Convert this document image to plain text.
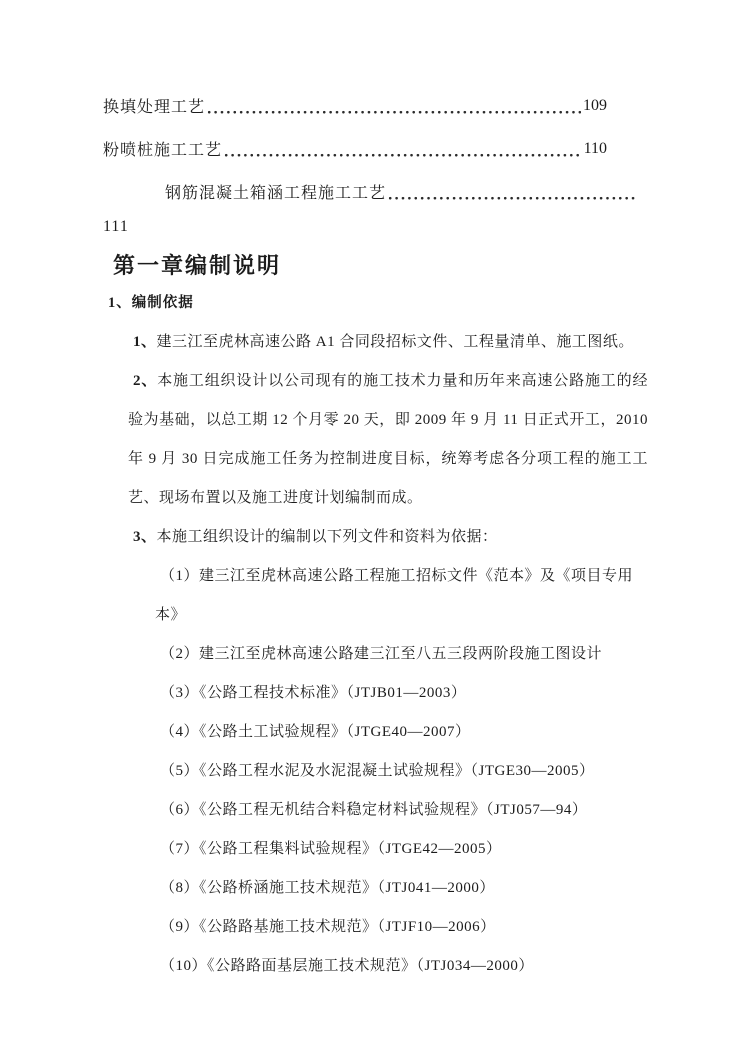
换填处理工艺	109
粉喷桩施工工艺	110
钢筋混凝土箱涵工程施工工艺
111
第一章编制说明
1、编制依据

1、建三江至虎林高速公路 A1 合同段招标文件、工程量清单、施工图纸。

2、本施工组织设计以公司现有的施工技术力量和历年来高速公路施工的经验为基础，以总工期 12 个月零 20 天，即 2009 年 9 月 11 日正式开工，2010 年 9 月 30 日完成施工任务为控制进度目标，统筹考虑各分项工程的施工工艺、现场布置以及施工进度计划编制而成。

3、本施工组织设计的编制以下列文件和资料为依据：

（1）建三江至虎林高速公路工程施工招标文件《范本》及《项目专用本》

（2）建三江至虎林高速公路建三江至八五三段两阶段施工图设计

（3）《公路工程技术标准》（JTJB01—2003）

（4）《公路土工试验规程》（JTGE40—2007）

（5）《公路工程水泥及水泥混凝土试验规程》（JTGE30—2005）

（6）《公路工程无机结合料稳定材料试验规程》（JTJ057—94）

（7）《公路工程集料试验规程》（JTGE42—2005）

（8）《公路桥涵施工技术规范》（JTJ041—2000）

（9）《公路路基施工技术规范》（JTJF10—2006）

（10）《公路路面基层施工技术规范》（JTJ034—2000）
